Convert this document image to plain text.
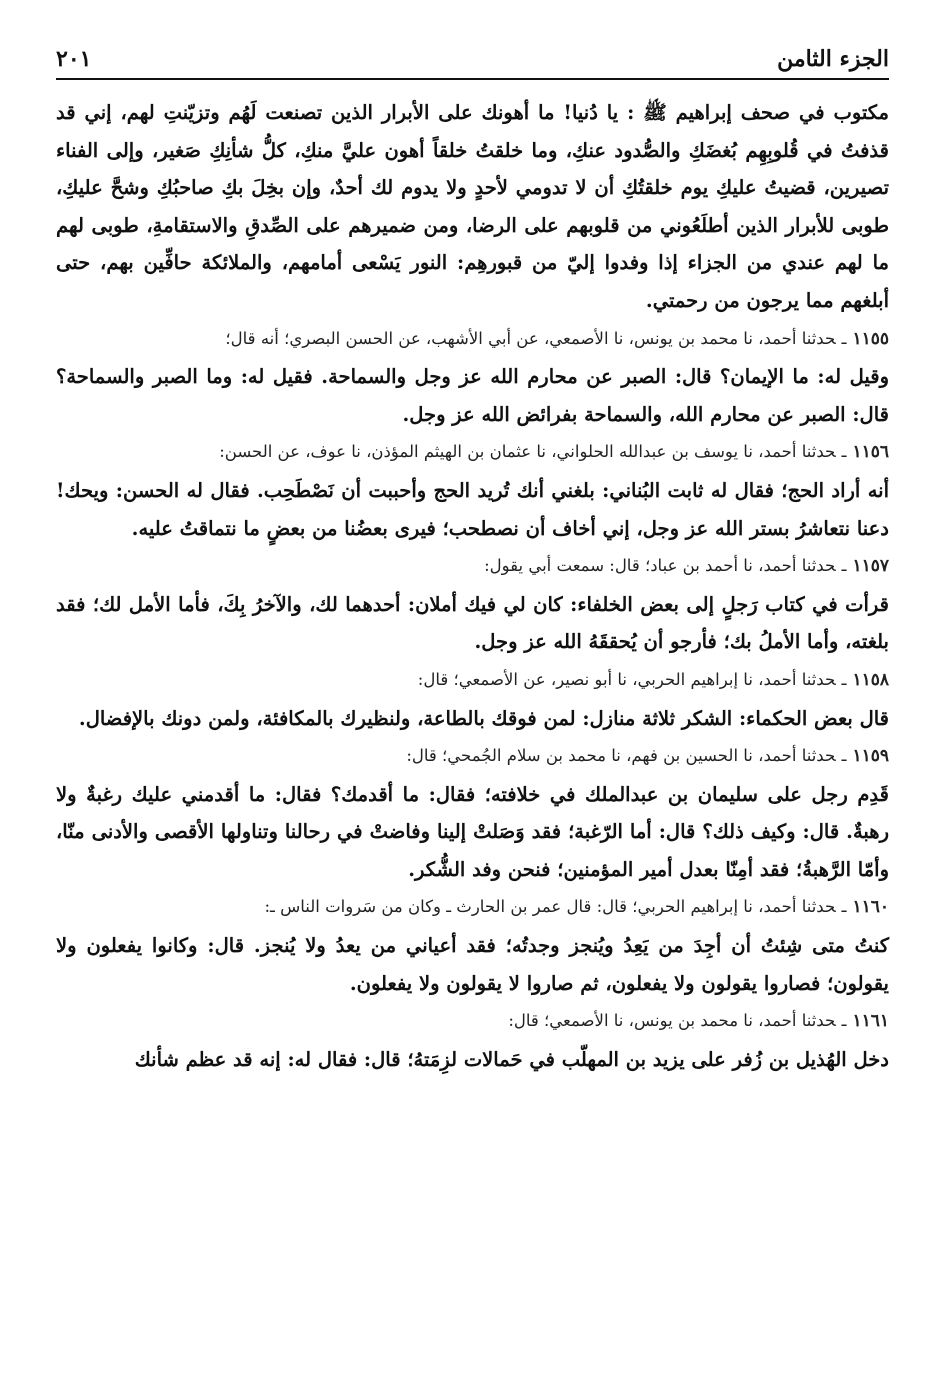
الجزء الثامن
٢٠١

مكتوب في صحف إبراهيم ﷺ : يا دُنيا! ما أهونك على الأبرار الذين تصنعت لَهُم وتزيّنتِ لهم، إني قد قذفتُ في قُلوبِهِم بُغضَكِ والصُّدود عنكِ، وما خلقتُ خلقاً أهون عليَّ منكِ، كلُّ شأنِكِ صَغير، وإلى الفناء تصيرين، قضيتُ عليكِ يوم خلقتُكِ أن لا تدومي لأحدٍ ولا يدوم لك أحدٌ، وإن بخِلَ بكِ صاحبُكِ وشحَّ عليكِ، طوبى للأبرار الذين أطلَعُوني من قلوبهم على الرضا، ومن ضميرهم على الصِّدقِ والاستقامةِ، طوبى لهم ما لهم عندي من الجزاء إذا وفدوا إليّ من قبورهِم: النور يَسْعى أمامهم، والملائكة حافِّين بهم، حتى أبلغهم مما يرجون من رحمتي.

١١٥٥ـحدثنا أحمد، نا محمد بن يونس، نا الأصمعي، عن أبي الأشهب، عن الحسن البصري؛ أنه قال؛

وقيل له: ما الإيمان؟ قال: الصبر عن محارم الله عز وجل والسماحة. فقيل له: وما الصبر والسماحة؟ قال: الصبر عن محارم الله، والسماحة بفرائض الله عز وجل.

١١٥٦ـحدثنا أحمد، نا يوسف بن عبدالله الحلواني، نا عثمان بن الهيثم المؤذن، نا عوف، عن الحسن:

أنه أراد الحج؛ فقال له ثابت البُناني: بلغني أنك تُريد الحج وأحببت أن نَصْطَحِب. فقال له الحسن: ويحك! دعنا نتعاشرُ بستر الله عز وجل، إني أخاف أن نصطحب؛ فيرى بعضُنا من بعضٍ ما نتماقتُ عليه.

١١٥٧ـحدثنا أحمد، نا أحمد بن عباد؛ قال: سمعت أبي يقول:

قرأت في كتاب رَجلٍ إلى بعض الخلفاء: كان لي فيك أملان: أحدهما لك، والآخرُ بِكَ، فأما الأمل لك؛ فقد بلغته، وأما الأملُ بك؛ فأرجو أن يُحققَهُ الله عز وجل.

١١٥٨ـحدثنا أحمد، نا إبراهيم الحربي، نا أبو نصير، عن الأصمعي؛ قال:

قال بعض الحكماء: الشكر ثلاثة منازل: لمن فوقك بالطاعة، ولنظيرك بالمكافئة، ولمن دونك بالإفضال.

١١٥٩ـحدثنا أحمد، نا الحسين بن فهم، نا محمد بن سلام الجُمحي؛ قال:

قَدِم رجل على سليمان بن عبدالملك في خلافته؛ فقال: ما أقدمك؟ فقال: ما أقدمني عليك رغبةٌ ولا رهبةٌ. قال: وكيف ذلك؟ قال: أما الرّغبة؛ فقد وَصَلتْ إلينا وفاضتْ في رحالنا وتناولها الأقصى والأدنى منّا، وأمّا الرَّهبةُ؛ فقد أمِنّا بعدل أمير المؤمنين؛ فنحن وفد الشُّكر.

١١٦٠ـحدثنا أحمد، نا إبراهيم الحربي؛ قال: قال عمر بن الحارث ـ وكان من سَروات الناس ـ:

كنتُ متى شِئتُ أن أجِدَ من يَعِدُ ويُنجز وجدتُه؛ فقد أعياني من يعدُ ولا يُنجز. قال: وكانوا يفعلون ولا يقولون؛ فصاروا يقولون ولا يفعلون، ثم صاروا لا يقولون ولا يفعلون.

١١٦١ـحدثنا أحمد، نا محمد بن يونس، نا الأصمعي؛ قال:

دخل الهُذيل بن زُفر على يزيد بن المهلّب في حَمالات لزِمَتهُ؛ قال: فقال له: إنه قد عظم شأنك
